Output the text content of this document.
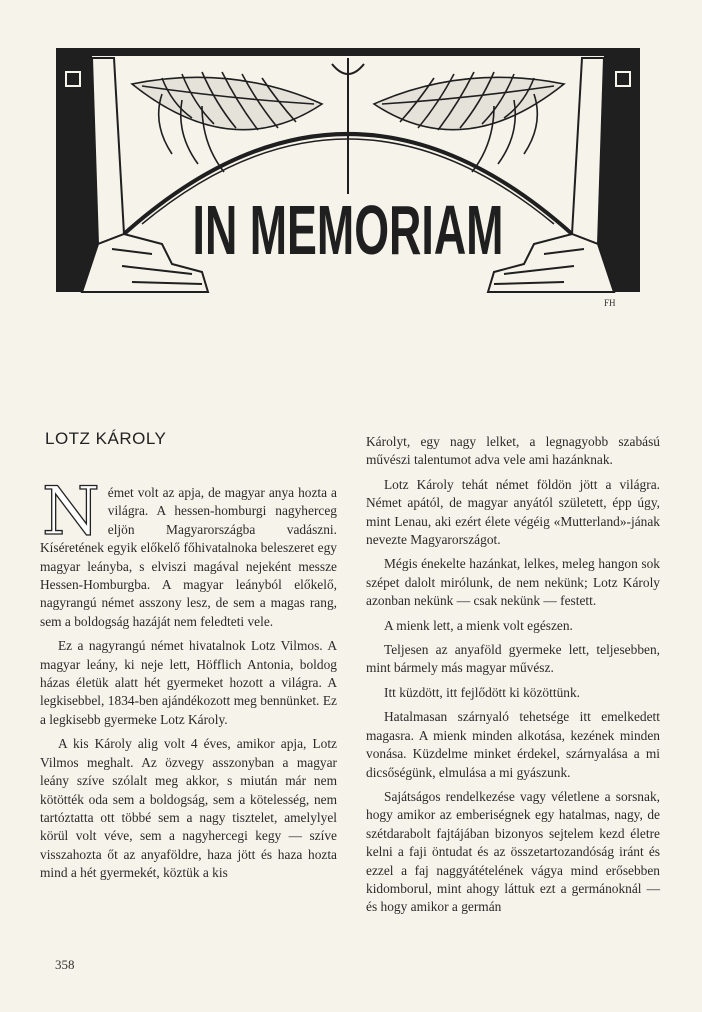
IN MEMORIAM
FH
LOTZ KÁROLY

Német volt az apja, de magyar anya hozta a világra. A hessen-homburgi nagyherceg eljön Magyarországba vadászni. Kíséretének egyik előkelő főhivatalnoka beleszeret egy magyar leányba, s elviszi magával nejeként messze Hessen-Homburgba. A magyar leányból előkelő, nagyrangú német asszony lesz, de sem a magas rang, sem a boldogság hazáját nem feledteti vele.

Ez a nagyrangú német hivatalnok Lotz Vilmos. A magyar leány, ki neje lett, Höfflich Antonia, boldog házas életük alatt hét gyermeket hozott a világra. A legkisebbel, 1834-ben ajándékozott meg bennünket. Ez a legkisebb gyermeke Lotz Károly.

A kis Károly alig volt 4 éves, amikor apja, Lotz Vilmos meghalt. Az özvegy asszonyban a magyar leány szíve szólalt meg akkor, s miután már nem kötötték oda sem a boldogság, sem a kötelesség, nem tartóztatta ott többé sem a nagy tisztelet, amelylyel körül volt véve, sem a nagyhercegi kegy — szíve visszahozta őt az anyaföldre, haza jött és haza hozta mind a hét gyermekét, köztük a kis

Károlyt, egy nagy lelket, a legnagyobb szabású művészi talentumot adva vele ami hazánknak.

Lotz Károly tehát német földön jött a világra. Német apától, de magyar anyától született, épp úgy, mint Lenau, aki ezért élete végéig «Mutterland»-jának nevezte Magyarországot.

Mégis énekelte hazánkat, lelkes, meleg hangon sok szépet dalolt mirólunk, de nem nekünk; Lotz Károly azonban nekünk — csak nekünk — festett.

A mienk lett, a mienk volt egészen.

Teljesen az anyaföld gyermeke lett, teljesebben, mint bármely más magyar művész.

Itt küzdött, itt fejlődött ki közöttünk.

Hatalmasan szárnyaló tehetsége itt emelkedett magasra. A mienk minden alkotása, kezének minden vonása. Küzdelme minket érdekel, szárnyalása a mi dicsőségünk, elmulása a mi gyászunk.

Sajátságos rendelkezése vagy véletlene a sorsnak, hogy amikor az emberiségnek egy hatalmas, nagy, de szétdarabolt fajtájában bizonyos sejtelem kezd életre kelni a faji öntudat és az összetartozandóság iránt és ezzel a faj naggyátételének vágya mind erősebben kidomborul, mint ahogy láttuk ezt a germánoknál — és hogy amikor a germán

358
